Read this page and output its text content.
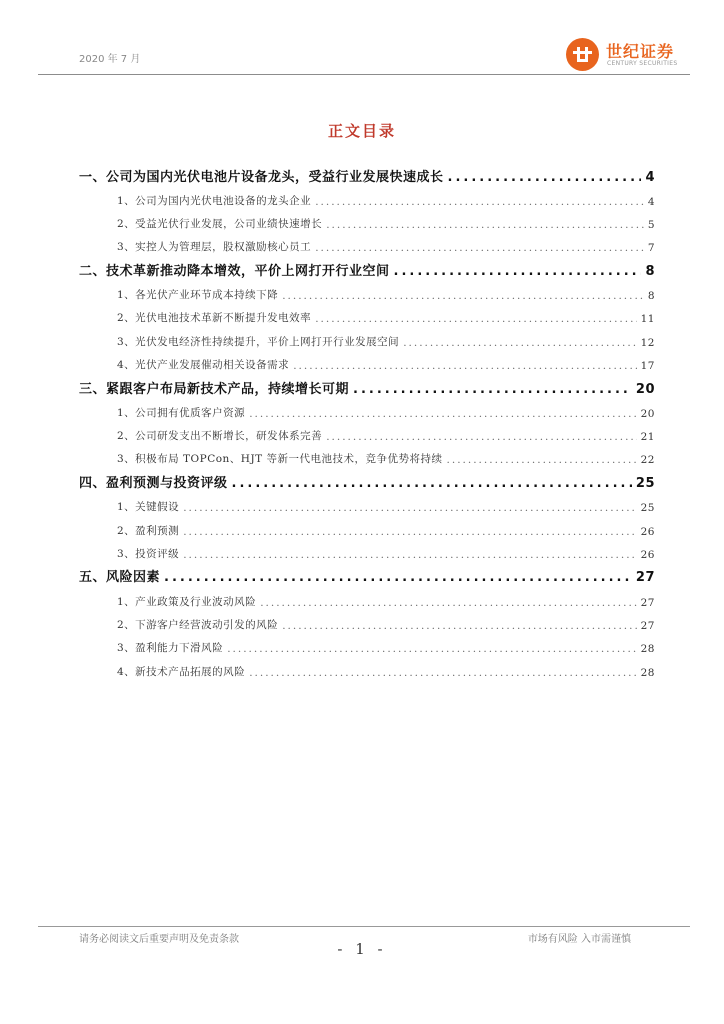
2020 年 7 月	世纪证券
CENTURY SECURITIES
正文目录
一、公司为国内光伏电池片设备龙头，受益行业发展快速成长 .....	4
1、公司为国内光伏电池设备的龙头企业 .....	4
2、受益光伏行业发展，公司业绩快速增长 .....	5
3、实控人为管理层，股权激励核心员工 .....	7
二、技术革新推动降本增效，平价上网打开行业空间 .....	8
1、各光伏产业环节成本持续下降 .....	8
2、光伏电池技术革新不断提升发电效率 .....	11
3、光伏发电经济性持续提升，平价上网打开行业发展空间 .....	12
4、光伏产业发展催动相关设备需求 .....	17
三、紧跟客户布局新技术产品，持续增长可期 .....	20
1、公司拥有优质客户资源 .....	20
2、公司研发支出不断增长，研发体系完善 .....	21
3、积极布局 TOPCon、HJT 等新一代电池技术，竞争优势将持续 .....	22
四、盈利预测与投资评级 .....	25
1、关键假设 .....	25
2、盈利预测 .....	26
3、投资评级 .....	26
五、风险因素 .....	27
1、产业政策及行业波动风险 .....	27
2、下游客户经营波动引发的风险 .....	27
3、盈利能力下滑风险 .....	28
4、新技术产品拓展的风险 .....	28
请务必阅读文后重要声明及免责条款	市场有风险 入市需谨慎
- 1 -
